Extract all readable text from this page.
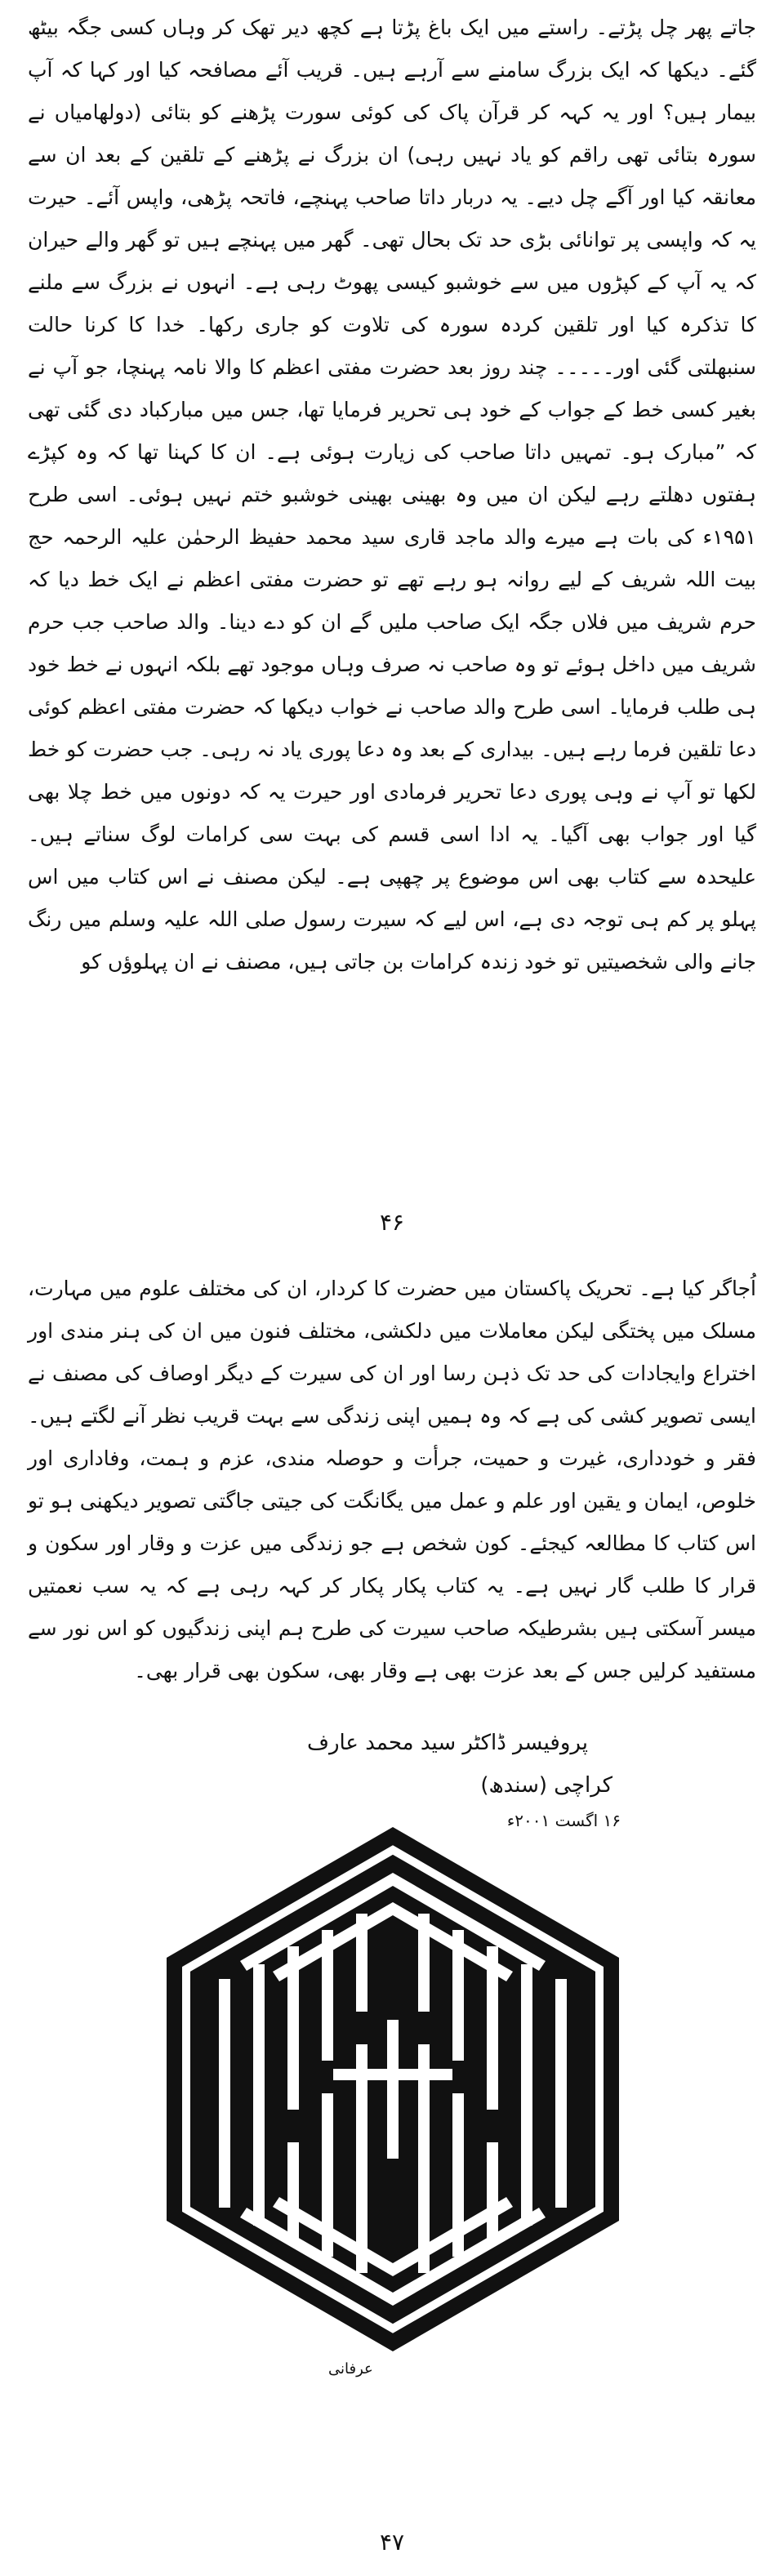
جاتے پھر چل پڑتے۔ راستے میں ایک باغ پڑتا ہے کچھ دیر تھک کر وہاں کسی جگہ بیٹھ گئے۔ دیکھا کہ ایک بزرگ سامنے سے آرہے ہیں۔ قریب آئے مصافحہ کیا اور کہا کہ آپ بیمار ہیں؟ اور یہ کہہ کر قرآن پاک کی کوئی سورت پڑھنے کو بتائی (دولھامیاں نے سورہ بتائی تھی راقم کو یاد نہیں رہی) ان بزرگ نے پڑھنے کے تلقین کے بعد ان سے معانقہ کیا اور آگے چل دیے۔ یہ دربار داتا صاحب پہنچے، فاتحہ پڑھی، واپس آئے۔ حیرت یہ کہ واپسی پر توانائی بڑی حد تک بحال تھی۔ گھر میں پہنچے ہیں تو گھر والے حیران کہ یہ آپ کے کپڑوں میں سے خوشبو کیسی پھوٹ رہی ہے۔ انہوں نے بزرگ سے ملنے کا تذکرہ کیا اور تلقین کردہ سورہ کی تلاوت کو جاری رکھا۔ خدا کا کرنا حالت سنبھلتی گئی اور۔۔۔۔۔ چند روز بعد حضرت مفتی اعظم کا والا نامہ پہنچا، جو آپ نے بغیر کسی خط کے جواب کے خود ہی تحریر فرمایا تھا، جس میں مبارکباد دی گئی تھی کہ ”مبارک ہو۔ تمہیں داتا صاحب کی زیارت ہوئی ہے۔ ان کا کہنا تھا کہ وہ کپڑے ہفتوں دھلتے رہے لیکن ان میں وہ بھینی بھینی خوشبو ختم نہیں ہوئی۔ اسی طرح ۱۹۵۱ء کی بات ہے میرے والد ماجد قاری سید محمد حفیظ الرحمٰن علیہ الرحمہ حج بیت اللہ شریف کے لیے روانہ ہو رہے تھے تو حضرت مفتی اعظم نے ایک خط دیا کہ حرم شریف میں فلاں جگہ ایک صاحب ملیں گے ان کو دے دینا۔ والد صاحب جب حرم شریف میں داخل ہوئے تو وہ صاحب نہ صرف وہاں موجود تھے بلکہ انہوں نے خط خود ہی طلب فرمایا۔ اسی طرح والد صاحب نے خواب دیکھا کہ حضرت مفتی اعظم کوئی دعا تلقین فرما رہے ہیں۔ بیداری کے بعد وہ دعا پوری یاد نہ رہی۔ جب حضرت کو خط لکھا تو آپ نے وہی پوری دعا تحریر فرمادی اور حیرت یہ کہ دونوں میں خط چلا بھی گیا اور جواب بھی آگیا۔ یہ ادا اسی قسم کی بہت سی کرامات لوگ سناتے ہیں۔ علیحدہ سے کتاب بھی اس موضوع پر چھپی ہے۔ لیکن مصنف نے اس کتاب میں اس پہلو پر کم ہی توجہ دی ہے، اس لیے کہ سیرت رسول صلی اللہ علیہ وسلم میں رنگ جانے والی شخصیتیں تو خود زندہ کرامات بن جاتی ہیں، مصنف نے ان پہلوؤں کو
۴۶
اُجاگر کیا ہے۔ تحریک پاکستان میں حضرت کا کردار، ان کی مختلف علوم میں مہارت، مسلک میں پختگی لیکن معاملات میں دلکشی، مختلف فنون میں ان کی ہنر مندی اور اختراع وایجادات کی حد تک ذہن رسا اور ان کی سیرت کے دیگر اوصاف کی مصنف نے ایسی تصویر کشی کی ہے کہ وہ ہمیں اپنی زندگی سے بہت قریب نظر آنے لگتے ہیں۔ فقر و خودداری، غیرت و حمیت، جرأت و حوصلہ مندی، عزم و ہمت، وفاداری اور خلوص، ایمان و یقین اور علم و عمل میں یگانگت کی جیتی جاگتی تصویر دیکھنی ہو تو اس کتاب کا مطالعہ کیجئے۔ کون شخص ہے جو زندگی میں عزت و وقار اور سکون و قرار کا طلب گار نہیں ہے۔ یہ کتاب پکار پکار کر کہہ رہی ہے کہ یہ سب نعمتیں میسر آسکتی ہیں بشرطیکہ صاحب سیرت کی طرح ہم اپنی زندگیوں کو اس نور سے مستفید کرلیں جس کے بعد عزت بھی ہے وقار بھی، سکون بھی قرار بھی۔
پروفیسر ڈاکٹر سید محمد عارف
کراچی (سندھ)
۱۶ اگست ۲۰۰۱ء
عرفانی
۴۷
